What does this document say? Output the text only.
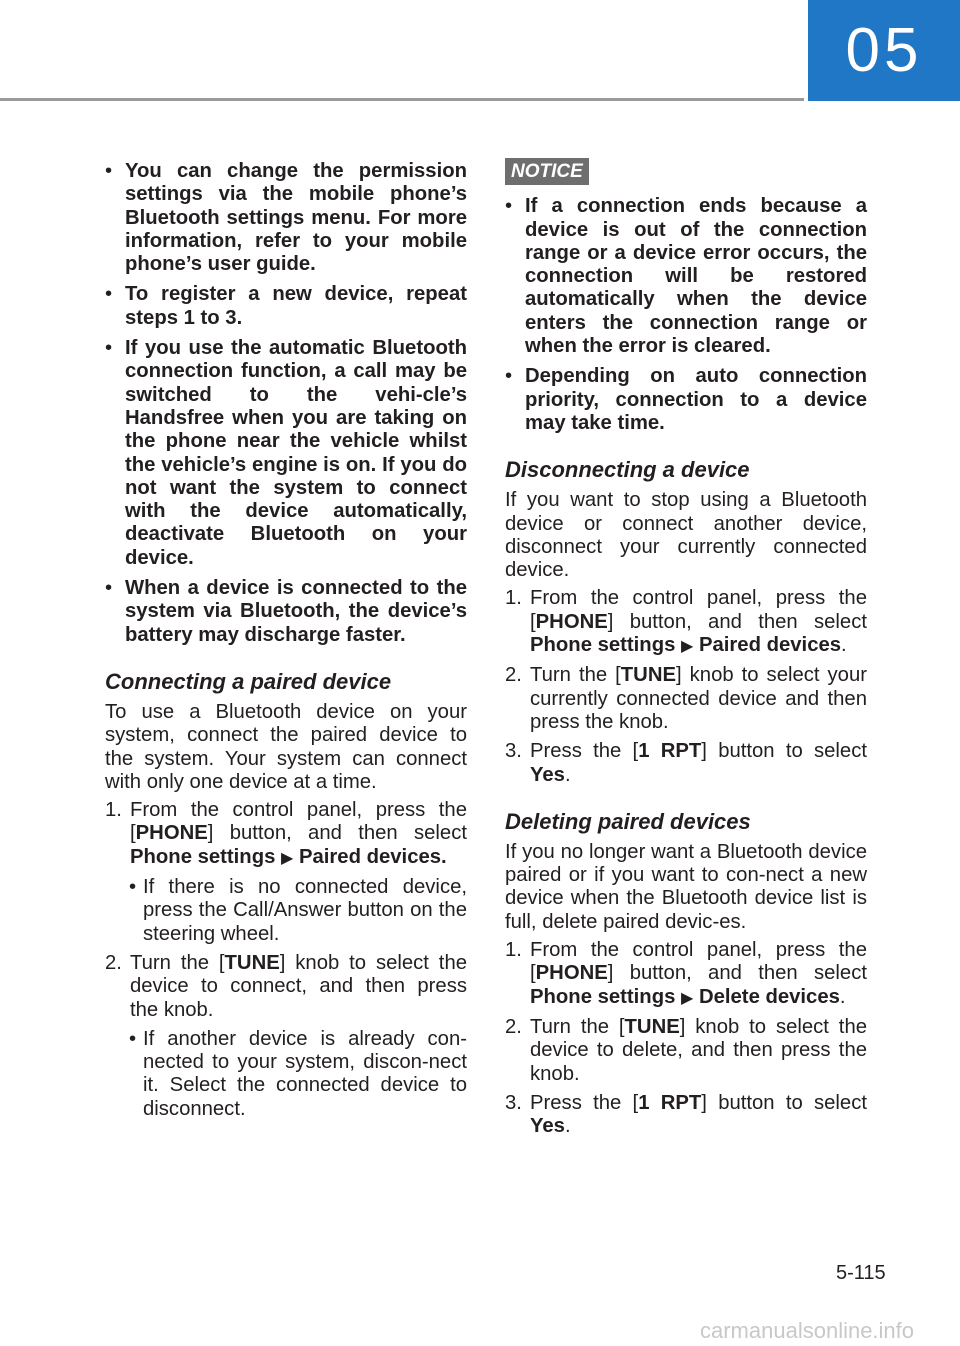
05
• You can change the permission settings via the mobile phone’s Bluetooth settings menu. For more information, refer to your mobile phone’s user guide.
• To register a new device, repeat steps 1 to 3.
• If you use the automatic Bluetooth connection function, a call may be switched to the vehi-cle’s Handsfree when you are taking on the phone near the vehicle whilst the vehicle’s engine is on. If you do not want the system to connect with the device automatically, deactivate Bluetooth on your device.
• When a device is connected to the system via Bluetooth, the device’s battery may discharge faster.
Connecting a paired device

To use a Bluetooth device on your system, connect the paired device to the system. Your system can connect with only one device at a time.

1. From the control panel, press the [PHONE] button, and then select Phone settings ▶ Paired devices.
• If there is no connected device, press the Call/Answer button on the steering wheel.
2. Turn the [TUNE] knob to select the device to connect, and then press the knob.
• If another device is already con-nected to your system, discon-nect it. Select the connected device to disconnect.
NOTICE
• If a connection ends because a device is out of the connection range or a device error occurs, the connection will be restored automatically when the device enters the connection range or when the error is cleared.
• Depending on auto connection priority, connection to a device may take time.
Disconnecting a device

If you want to stop using a Bluetooth device or connect another device, disconnect your currently connected device.

1. From the control panel, press the [PHONE] button, and then select Phone settings ▶ Paired devices.
2. Turn the [TUNE] knob to select your currently connected device and then press the knob.
3. Press the [1 RPT] button to select Yes.
Deleting paired devices

If you no longer want a Bluetooth device paired or if you want to con-nect a new device when the Bluetooth device list is full, delete paired devic-es.

1. From the control panel, press the [PHONE] button, and then select Phone settings ▶ Delete devices.
2. Turn the [TUNE] knob to select the device to delete, and then press the knob.
3. Press the [1 RPT] button to select Yes.
5-115
carmanualsonline.info
